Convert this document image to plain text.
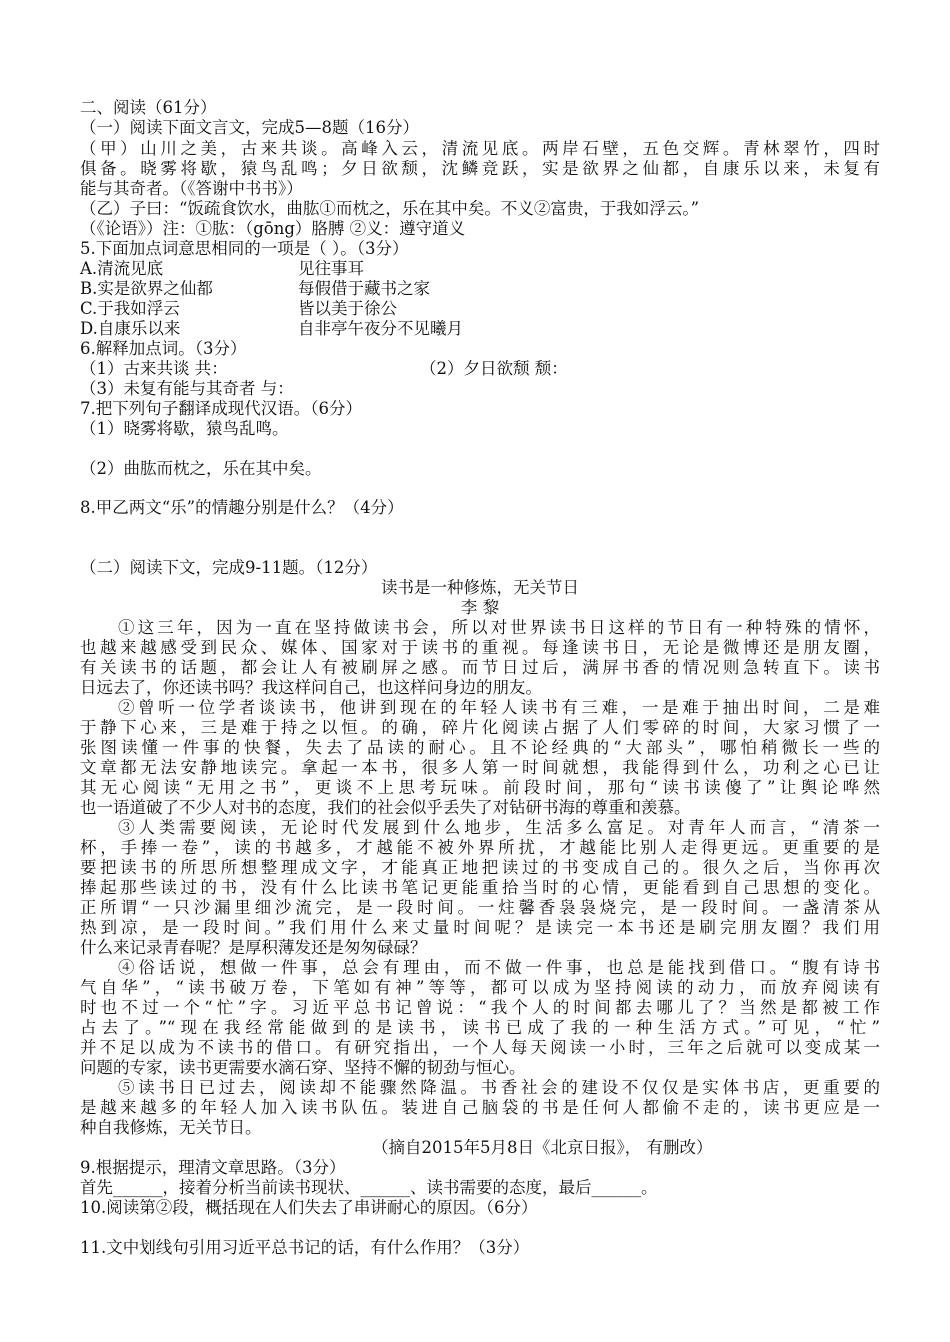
二、阅读（61分）
（一）阅读下面文言文，完成5—8题（16分）
（甲）山川之美，古来共谈。高峰入云，清流见底。两岸石壁，五色交辉。青林翠竹，四时
俱备。晓雾将歇，猿鸟乱鸣；夕日欲颓，沈鳞竞跃，实是欲界之仙都，自康乐以来，未复有
能与其奇者。（《答谢中书书》）
（乙）子曰：“饭疏食饮水，曲肱①而枕之，乐在其中矣。不义②富贵，于我如浮云。”
（《论语》）注：①肱：（gōng）胳膊 ②义：遵守道义
5.下面加点词意思相同的一项是（ ）。（3分）
A.清流见底	见往事耳
B.实是欲界之仙都	每假借于藏书之家
C.于我如浮云	皆以美于徐公
D.自康乐以来	自非亭午夜分不见曦月
6.解释加点词。（3分）
（1）古来共谈 共：	（2）夕日欲颓 颓：
（3）未复有能与其奇者 与：
7.把下列句子翻译成现代汉语。（6分）
（1）晓雾将歇，猿鸟乱鸣。
（2）曲肱而枕之，乐在其中矣。
8.甲乙两文“乐”的情趣分别是什么？（4分）
（二）阅读下文，完成9-11题。（12分）
读书是一种修炼，无关节日
李 黎
①这三年，因为一直在坚持做读书会，所以对世界读书日这样的节日有一种特殊的情怀，
也越来越感受到民众、媒体、国家对于读书的重视。每逢读书日，无论是微博还是朋友圈，
有关读书的话题，都会让人有被刷屏之感。而节日过后，满屏书香的情况则急转直下。读书
日远去了，你还读书吗？我这样问自己，也这样问身边的朋友。
②曾听一位学者谈读书，他讲到现在的年轻人读书有三难，一是难于抽出时间，二是难
于静下心来，三是难于持之以恒。的确，碎片化阅读占据了人们零碎的时间，大家习惯了一
张图读懂一件事的快餐，失去了品读的耐心。且不论经典的“大部头”，哪怕稍微长一些的
文章都无法安静地读完。拿起一本书，很多人第一时间就想，我能得到什么，功利之心已让
其无心阅读“无用之书”，更谈不上思考玩味。前段时间，那句“读书读傻了”让舆论哗然
也一语道破了不少人对书的态度，我们的社会似乎丢失了对钻研书海的尊重和羡慕。
③人类需要阅读，无论时代发展到什么地步，生活多么富足。对青年人而言，“清茶一
杯，手捧一卷”，读的书越多，才越能不被外界所扰，才越能比别人走得更远。更重要的是
要把读书的所思所想整理成文字，才能真正地把读过的书变成自己的。很久之后，当你再次
捧起那些读过的书，没有什么比读书笔记更能重拾当时的心情，更能看到自己思想的变化。
正所谓“一只沙漏里细沙流完，是一段时间。一炷馨香袅袅烧完，是一段时间。一盏清茶从
热到凉，是一段时间。”我们用什么来丈量时间呢？是读完一本书还是刷完朋友圈？我们用
什么来记录青春呢？是厚积薄发还是匆匆碌碌？
④俗话说，想做一件事，总会有理由，而不做一件事，也总是能找到借口。“腹有诗书
气自华”，“读书破万卷，下笔如有神”等等，都可以成为坚持阅读的动力，而放弃阅读有
时也不过一个“忙”字。习近平总书记曾说：“我个人的时间都去哪儿了？当然是都被工作
占去了。”“现在我经常能做到的是读书，读书已成了我的一种生活方式。”可见，“忙”
并不足以成为不读书的借口。有研究指出，一个人每天阅读一小时，三年之后就可以变成某一
问题的专家，读书更需要水滴石穿、坚持不懈的韧劲与恒心。
⑤读书日已过去，阅读却不能骤然降温。书香社会的建设不仅仅是实体书店，更重要的
是越来越多的年轻人加入读书队伍。装进自己脑袋的书是任何人都偷不走的，读书更应是一
种自我修炼，无关节日。
（摘自2015年5月8日《北京日报》， 有删改）
9.根据提示，理清文章思路。（3分）
首先______，接着分析当前读书现状、______、读书需要的态度，最后______。
10.阅读第②段，概括现在人们失去了串讲耐心的原因。（6分）
11.文中划线句引用习近平总书记的话，有什么作用？（3分）
